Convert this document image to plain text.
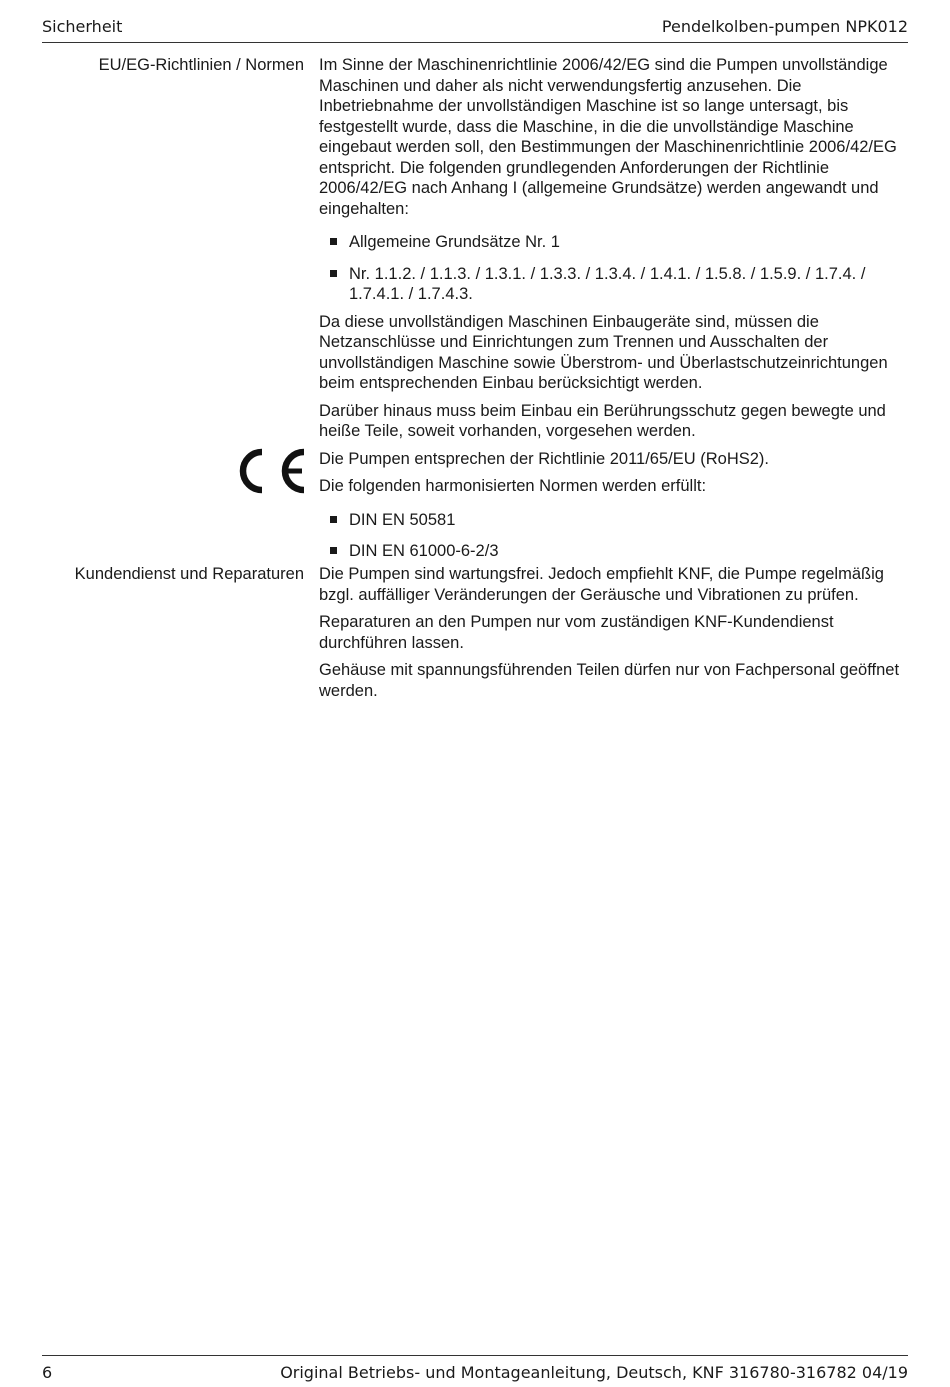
Sicherheit	Pendelkolben-pumpen NPK012
EU/EG-Richtlinien / Normen Im Sinne der Maschinenrichtlinie 2006/42/EG sind die Pumpen unvollständige Maschinen und daher als nicht verwendungsfertig anzusehen. Die Inbetriebnahme der unvollständigen Maschine ist so lange untersagt, bis festgestellt wurde, dass die Maschine, in die die unvollständige Maschine eingebaut werden soll, den Bestimmungen der Maschinenrichtlinie 2006/42/EG entspricht. Die folgenden grundlegenden Anforderungen der Richtlinie 2006/42/EG nach Anhang I (allgemeine Grundsätze) werden angewandt und eingehalten:

Allgemeine Grundsätze Nr. 1
Nr. 1.1.2. / 1.1.3. / 1.3.1. / 1.3.3. / 1.3.4. / 1.4.1. / 1.5.8. / 1.5.9. / 1.7.4. / 1.7.4.1. / 1.7.4.3.

Da diese unvollständigen Maschinen Einbaugeräte sind, müssen die Netzanschlüsse und Einrichtungen zum Trennen und Ausschalten der unvollständigen Maschine sowie Überstrom- und Überlastschutzeinrichtungen beim entsprechenden Einbau berücksichtigt werden.

Darüber hinaus muss beim Einbau ein Berührungsschutz gegen bewegte und heiße Teile, soweit vorhanden, vorgesehen werden.

Die Pumpen entsprechen der Richtlinie 2011/65/EU (RoHS2).

Die folgenden harmonisierten Normen werden erfüllt:

DIN EN 50581
DIN EN 61000-6-2/3
Kundendienst und Reparaturen Die Pumpen sind wartungsfrei. Jedoch empfiehlt KNF, die Pumpe regelmäßig bzgl. auffälliger Veränderungen der Geräusche und Vibrationen zu prüfen.

Reparaturen an den Pumpen nur vom zuständigen KNF-Kundendienst durchführen lassen.

Gehäuse mit spannungsführenden Teilen dürfen nur von Fachpersonal geöffnet werden.

6	Original Betriebs- und Montageanleitung, Deutsch, KNF 316780-316782 04/19
